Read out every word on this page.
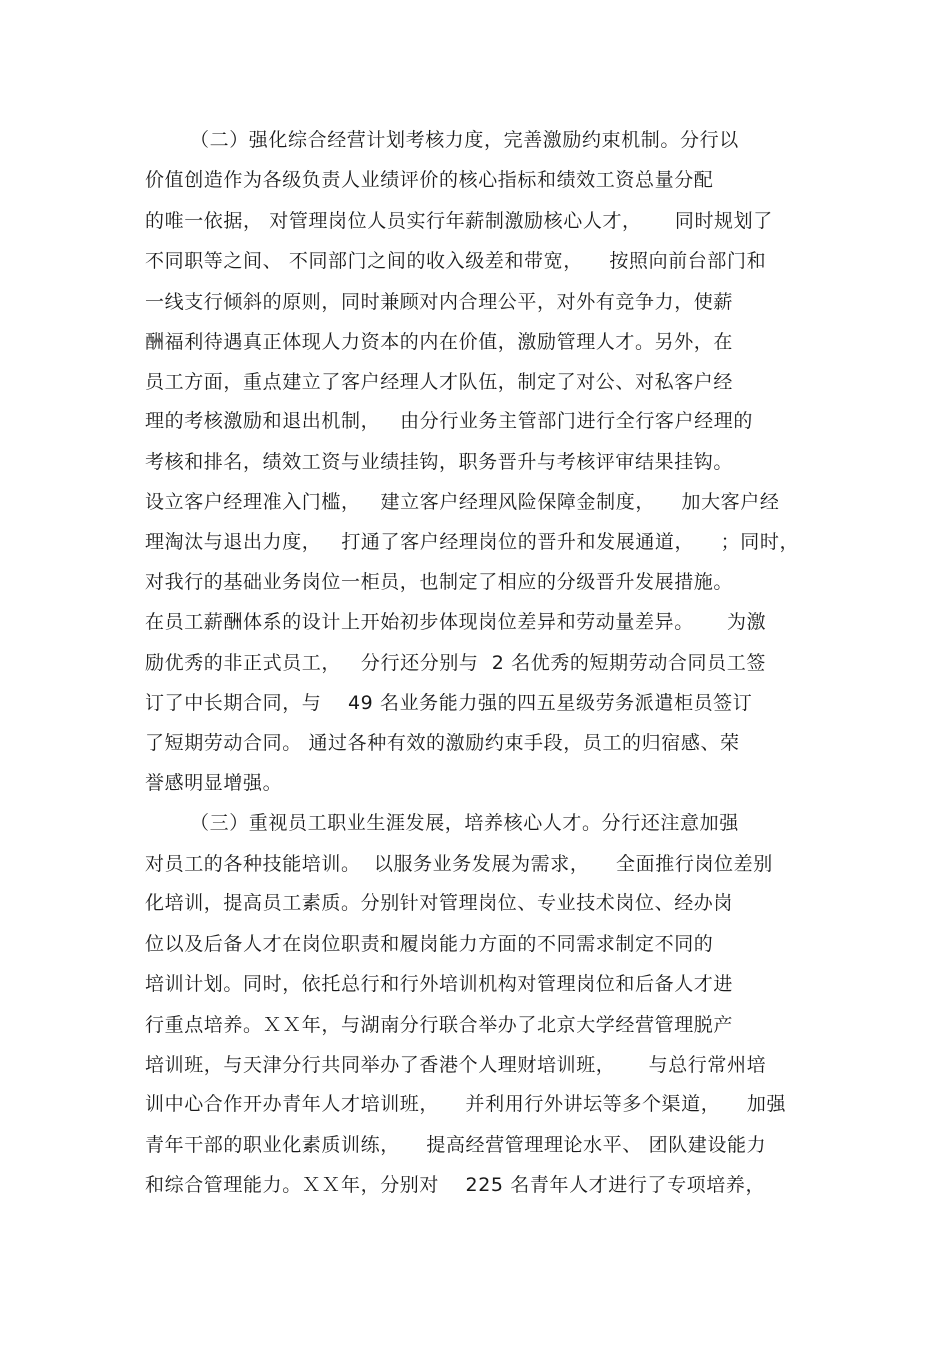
（二）强化综合经营计划考核力度，完善激励约束机制。分行以
价值创造作为各级负责人业绩评价的核心指标和绩效工资总量分配
的唯一依据， 对管理岗位人员实行年薪制激励核心人才，     同时规划了
不同职等之间、 不同部门之间的收入级差和带宽，    按照向前台部门和
一线支行倾斜的原则，同时兼顾对内合理公平，对外有竞争力，使薪
酬福利待遇真正体现人力资本的内在价值，激励管理人才。另外，在
员工方面，重点建立了客户经理人才队伍，制定了对公、对私客户经
理的考核激励和退出机制，   由分行业务主管部门进行全行客户经理的
考核和排名，绩效工资与业绩挂钩，职务晋升与考核评审结果挂钩。
设立客户经理准入门槛，   建立客户经理风险保障金制度，    加大客户经
理淘汰与退出力度，   打通了客户经理岗位的晋升和发展通道，    ；同时，
对我行的基础业务岗位一柜员，也制定了相应的分级晋升发展措施。
在员工薪酬体系的设计上开始初步体现岗位差异和劳动量差异。     为激
励优秀的非正式员工，   分行还分别与  2 名优秀的短期劳动合同员工签
订了中长期合同，与    49 名业务能力强的四五星级劳务派遣柜员签订
了短期劳动合同。 通过各种有效的激励约束手段，员工的归宿感、荣
誉感明显增强。
（三）重视员工职业生涯发展，培养核心人才。分行还注意加强
对员工的各种技能培训。  以服务业务发展为需求，    全面推行岗位差别
化培训，提高员工素质。分别针对管理岗位、专业技术岗位、经办岗
位以及后备人才在岗位职责和履岗能力方面的不同需求制定不同的
培训计划。同时，依托总行和行外培训机构对管理岗位和后备人才进
行重点培养。ＸＸ年，与湖南分行联合举办了北京大学经营管理脱产
培训班，与天津分行共同举办了香港个人理财培训班，     与总行常州培
训中心合作开办青年人才培训班，    并利用行外讲坛等多个渠道，    加强
青年干部的职业化素质训练，    提高经营管理理论水平、 团队建设能力
和综合管理能力。ＸＸ年，分别对    225 名青年人才进行了专项培养，
